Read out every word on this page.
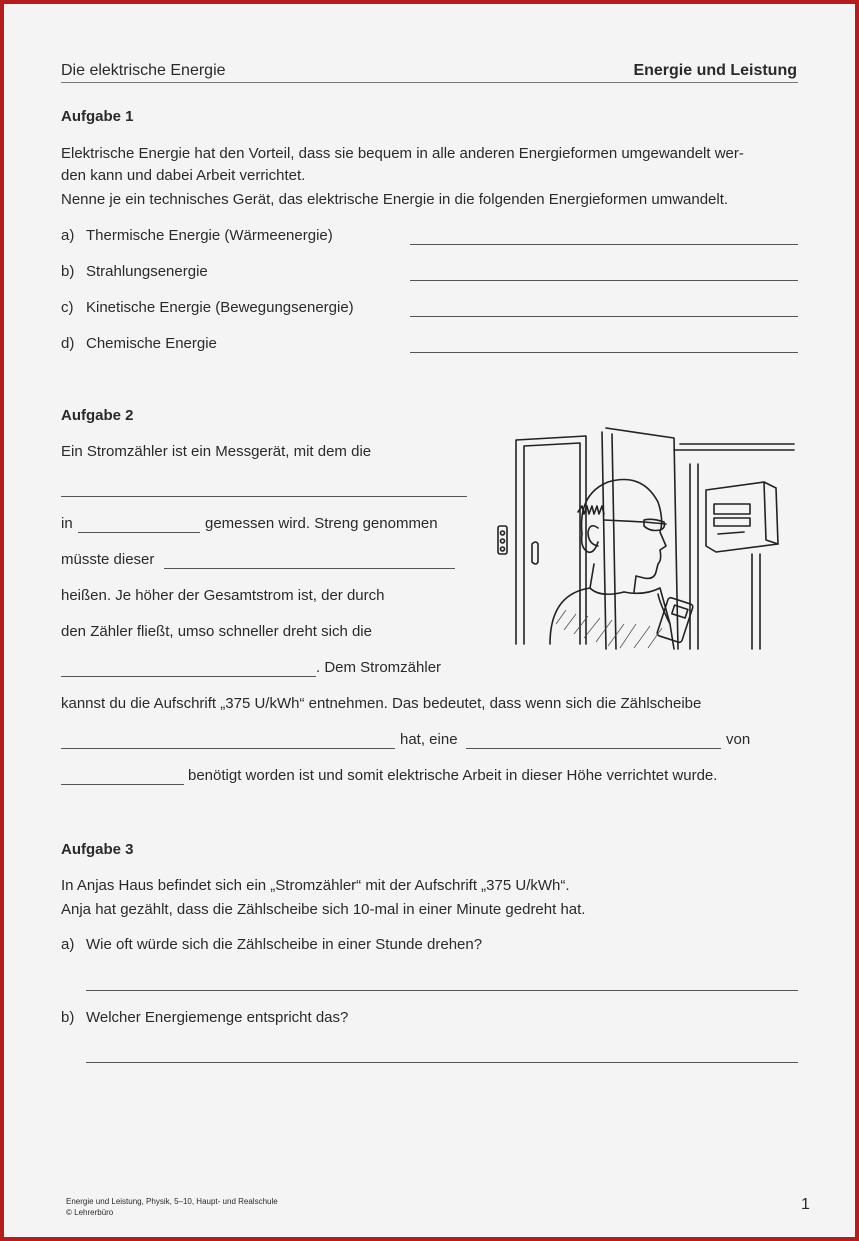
Die elektrische Energie	Energie und Leistung
Aufgabe 1
Elektrische Energie hat den Vorteil, dass sie bequem in alle anderen Energieformen umgewandelt wer-
den kann und dabei Arbeit verrichtet.
Nenne je ein technisches Gerät, das elektrische Energie in die folgenden Energieformen umwandelt.
a) Thermische Energie (Wärmeenergie)
b) Strahlungsenergie
c) Kinetische Energie (Bewegungsenergie)
d) Chemische Energie
Aufgabe 2
Ein Stromzähler ist ein Messgerät, mit dem die
in	gemessen wird. Streng genommen
müsste dieser
heißen. Je höher der Gesamtstrom ist, der durch
den Zähler fließt, umso schneller dreht sich die
. Dem Stromzähler
kannst du die Aufschrift „375 U/kWh“ entnehmen. Das bedeutet, dass wenn sich die Zählscheibe
hat, eine	von
benötigt worden ist und somit elektrische Arbeit in dieser Höhe verrichtet wurde.
Aufgabe 3
In Anjas Haus befindet sich ein „Stromzähler“ mit der Aufschrift „375 U/kWh“.
Anja hat gezählt, dass die Zählscheibe sich 10-mal in einer Minute gedreht hat.
a) Wie oft würde sich die Zählscheibe in einer Stunde drehen?
b) Welcher Energiemenge entspricht das?
Energie und Leistung, Physik, 5–10, Haupt- und Realschule
© Lehrerbüro	1
